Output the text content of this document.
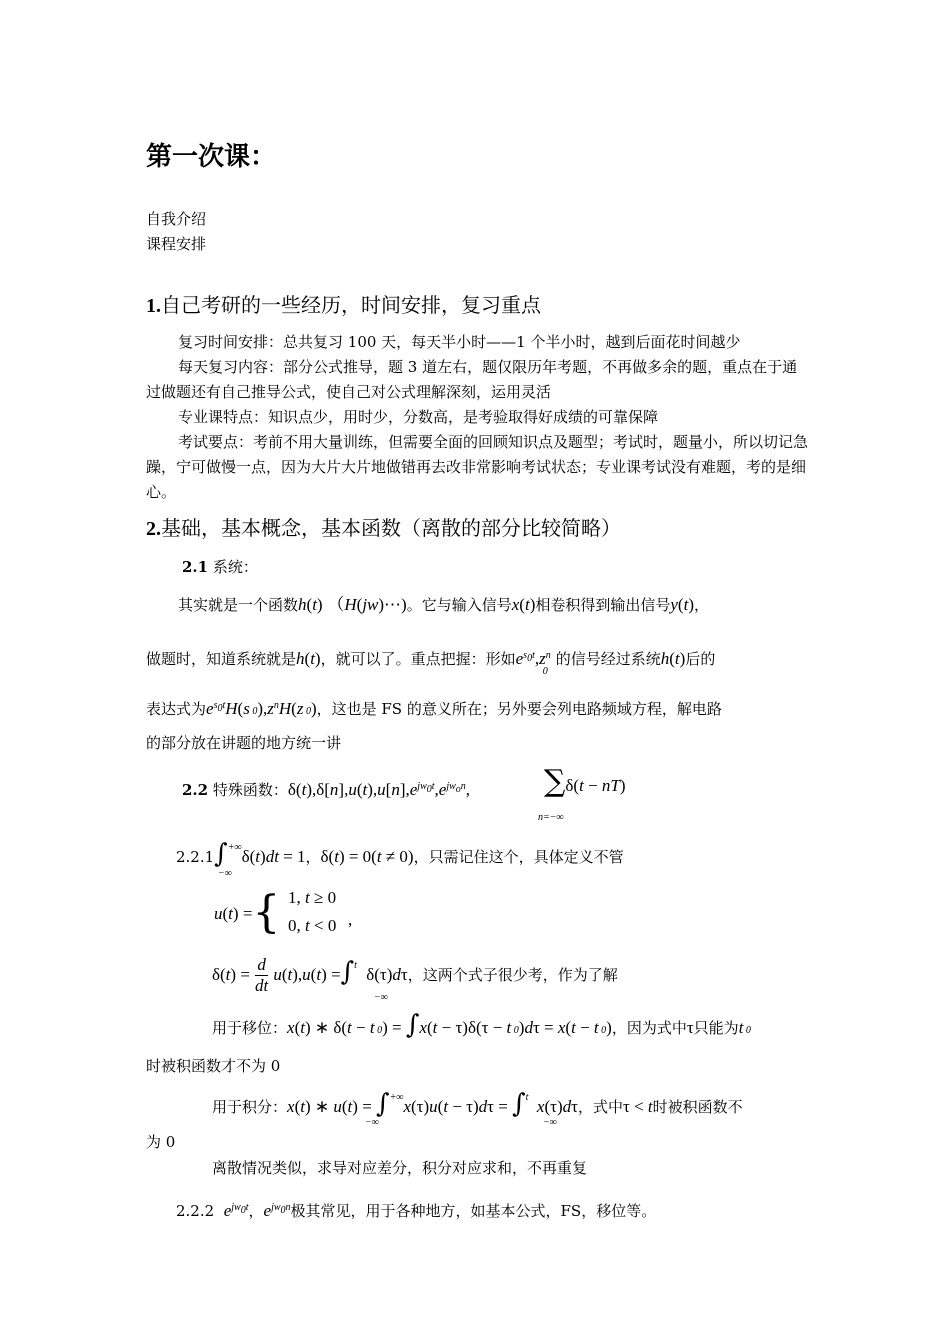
第一次课：
自我介绍
课程安排
1.自己考研的一些经历，时间安排，复习重点
复习时间安排：总共复习 100 天，每天半小时——1 个半小时，越到后面花时间越少
每天复习内容：部分公式推导，题 3 道左右，题仅限历年考题，不再做多余的题，重点在于通过做题还有自己推导公式，使自己对公式理解深刻，运用灵活
专业课特点：知识点少，用时少，分数高，是考验取得好成绩的可靠保障
考试要点：考前不用大量训练，但需要全面的回顾知识点及题型；考试时，题量小，所以切记急躁，宁可做慢一点，因为大片大片地做错再去改非常影响考试状态；专业课考试没有难题，考的是细心。
2.基础，基本概念，基本函数（离散的部分比较简略）
2.1 系统：
其实就是一个函数h(t) （H(jw)⋯)。它与输入信号x(t)相卷积得到输出信号y(t)，
做题时，知道系统就是h(t)，就可以了。重点把握：形如$e^{s_0t},z^n_0$的信号经过系统h(t)后的
表达式为$e^{s_0t}H(s$ $0),z^nH(z$ 0)，这也是 FS 的意义所在；另外要会列电路频域方程，解电路
的部分放在讲题的地方统一讲
2.2 特殊函数：$\delta(t),\delta[n],u(t),u[n],e^{jw_0t},e^{jw_on}$, ∑δ(t − nT)
n=−∞
2.2.1∫+∞δ(t)dt = 1，δ(t) = 0(t ≠ 0)，只需记住这个，具体定义不管
−∞
u(t) ={ 1, t ≥ 0
0, t < 0 ,
$\delta(t) = \frac{d}{dt} u(t),u(t) =\int^t$  δ(τ)dτ，这两个式子很少考，作为了解
−∞
用于移位：x(t) ∗ δ(t − t 0) = ∫x(t − τ)δ(τ − t 0)dτ = x(t − t 0)，因为式中τ只能为t 0
时被积函数才不为 0
用于积分：x(t) ∗ u(t) = ∫+∞x(τ)u(t − τ)dτ = ∫$^t$ x(τ)dτ，式中τ < t时被积函数不
−∞	−∞
为 0
离散情况类似，求导对应差分，积分对应求和，不再重复
2.2.2 $e^{jw_0t}$，$e^{jw_0n}$极其常见，用于各种地方，如基本公式，FS，移位等。
